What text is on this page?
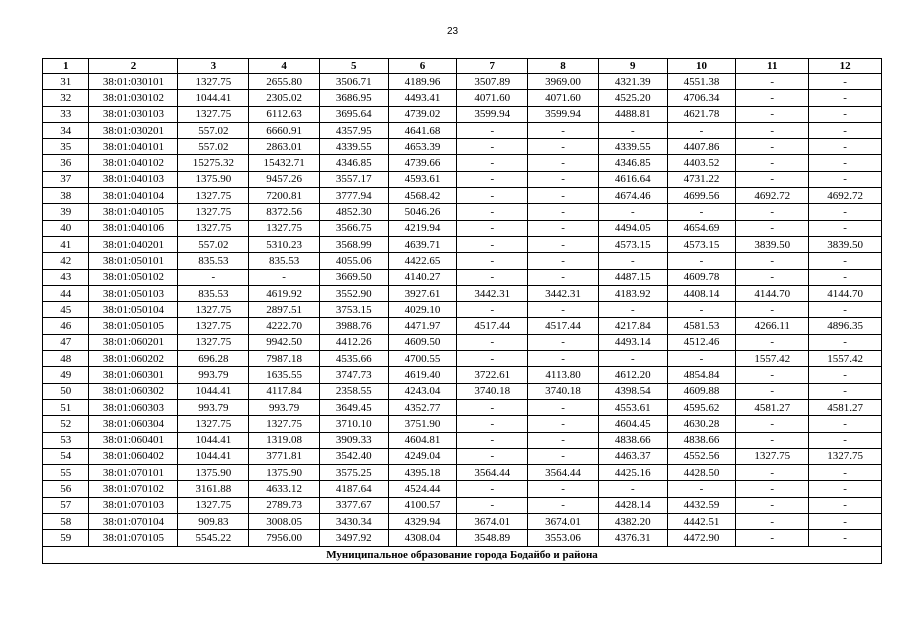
23
1	2	3	4	5	6	7	8	9	10	11	12
31	38:01:030101	1327.75	2655.80	3506.71	4189.96	3507.89	3969.00	4321.39	4551.38	-	-
32	38:01:030102	1044.41	2305.02	3686.95	4493.41	4071.60	4071.60	4525.20	4706.34	-	-
33	38:01:030103	1327.75	6112.63	3695.64	4739.02	3599.94	3599.94	4488.81	4621.78	-	-
34	38:01:030201	557.02	6660.91	4357.95	4641.68	-	-	-	-	-	-
35	38:01:040101	557.02	2863.01	4339.55	4653.39	-	-	4339.55	4407.86	-	-
36	38:01:040102	15275.32	15432.71	4346.85	4739.66	-	-	4346.85	4403.52	-	-
37	38:01:040103	1375.90	9457.26	3557.17	4593.61	-	-	4616.64	4731.22	-	-
38	38:01:040104	1327.75	7200.81	3777.94	4568.42	-	-	4674.46	4699.56	4692.72	4692.72
39	38:01:040105	1327.75	8372.56	4852.30	5046.26	-	-	-	-	-	-
40	38:01:040106	1327.75	1327.75	3566.75	4219.94	-	-	4494.05	4654.69	-	-
41	38:01:040201	557.02	5310.23	3568.99	4639.71	-	-	4573.15	4573.15	3839.50	3839.50
42	38:01:050101	835.53	835.53	4055.06	4422.65	-	-	-	-	-	-
43	38:01:050102	-	-	3669.50	4140.27	-	-	4487.15	4609.78	-	-
44	38:01:050103	835.53	4619.92	3552.90	3927.61	3442.31	3442.31	4183.92	4408.14	4144.70	4144.70
45	38:01:050104	1327.75	2897.51	3753.15	4029.10	-	-	-	-	-	-
46	38:01:050105	1327.75	4222.70	3988.76	4471.97	4517.44	4517.44	4217.84	4581.53	4266.11	4896.35
47	38:01:060201	1327.75	9942.50	4412.26	4609.50	-	-	4493.14	4512.46	-	-
48	38:01:060202	696.28	7987.18	4535.66	4700.55	-	-	-	-	1557.42	1557.42
49	38:01:060301	993.79	1635.55	3747.73	4619.40	3722.61	4113.80	4612.20	4854.84	-	-
50	38:01:060302	1044.41	4117.84	2358.55	4243.04	3740.18	3740.18	4398.54	4609.88	-	-
51	38:01:060303	993.79	993.79	3649.45	4352.77	-	-	4553.61	4595.62	4581.27	4581.27
52	38:01:060304	1327.75	1327.75	3710.10	3751.90	-	-	4604.45	4630.28	-	-
53	38:01:060401	1044.41	1319.08	3909.33	4604.81	-	-	4838.66	4838.66	-	-
54	38:01:060402	1044.41	3771.81	3542.40	4249.04	-	-	4463.37	4552.56	1327.75	1327.75
55	38:01:070101	1375.90	1375.90	3575.25	4395.18	3564.44	3564.44	4425.16	4428.50	-	-
56	38:01:070102	3161.88	4633.12	4187.64	4524.44	-	-	-	-	-	-
57	38:01:070103	1327.75	2789.73	3377.67	4100.57	-	-	4428.14	4432.59	-	-
58	38:01:070104	909.83	3008.05	3430.34	4329.94	3674.01	3674.01	4382.20	4442.51	-	-
59	38:01:070105	5545.22	7956.00	3497.92	4308.04	3548.89	3553.06	4376.31	4472.90	-	-
Муниципальное образование города Бодайбо и района											
